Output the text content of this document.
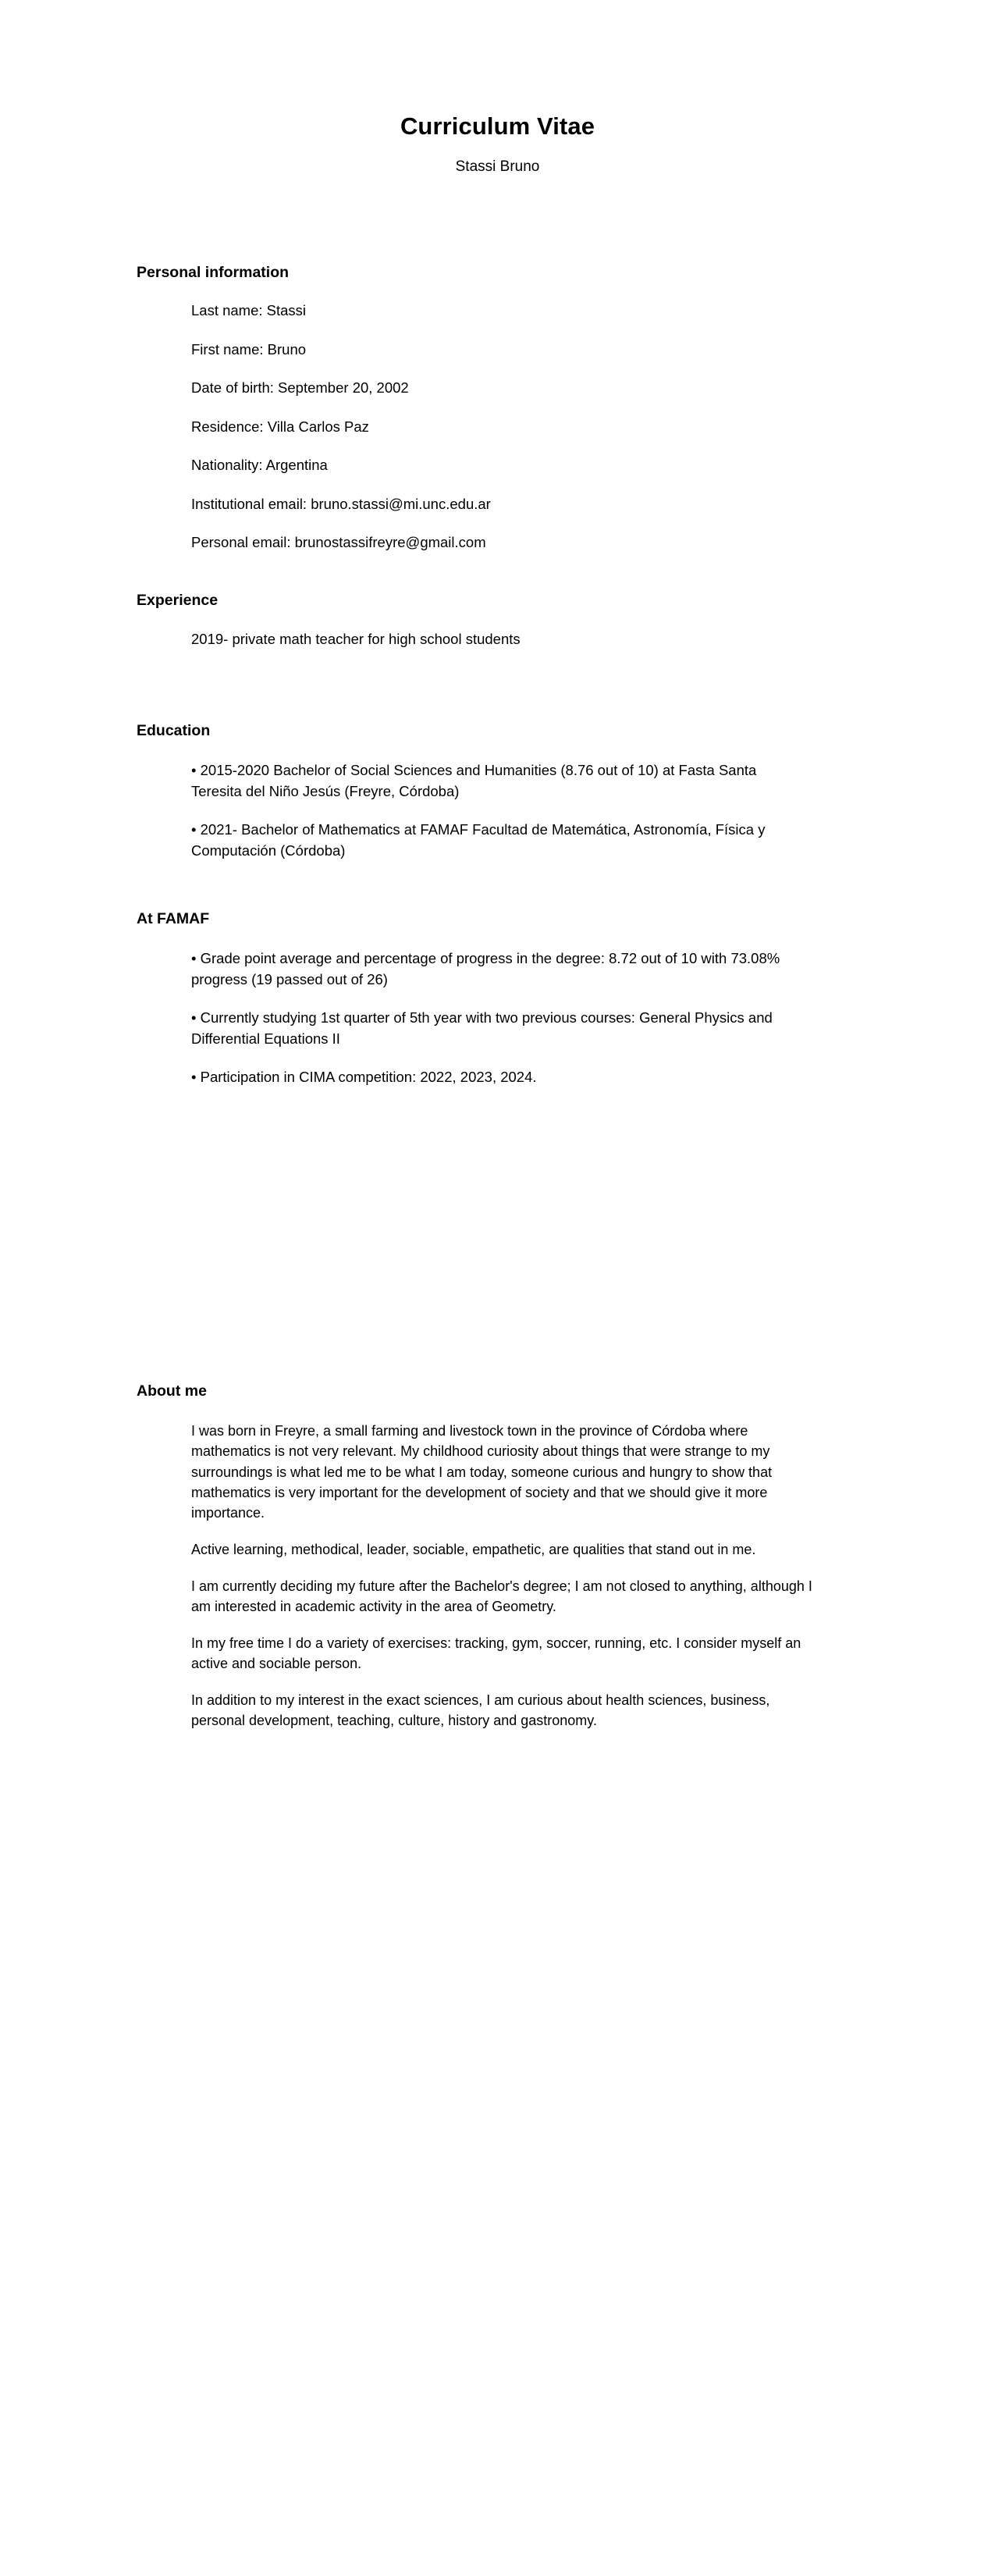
Curriculum Vitae
Stassi Bruno
Personal information

Last name: Stassi

First name: Bruno

Date of birth: September 20, 2002

Residence: Villa Carlos Paz

Nationality: Argentina

Institutional email: bruno.stassi@mi.unc.edu.ar

Personal email: brunostassifreyre@gmail.com

Experience

2019- private math teacher for high school students

Education

• 2015-2020 Bachelor of Social Sciences and Humanities (8.76 out of 10) at Fasta Santa Teresita del Niño Jesús (Freyre, Córdoba)

• 2021- Bachelor of Mathematics at FAMAF Facultad de Matemática, Astronomía, Física y Computación (Córdoba)

At FAMAF

• Grade point average and percentage of progress in the degree: 8.72 out of 10 with 73.08% progress (19 passed out of 26)

• Currently studying 1st quarter of 5th year with two previous courses: General Physics and Differential Equations II

• Participation in CIMA competition: 2022, 2023, 2024.

About me

I was born in Freyre, a small farming and livestock town in the province of Córdoba where mathematics is not very relevant. My childhood curiosity about things that were strange to my surroundings is what led me to be what I am today, someone curious and hungry to show that mathematics is very important for the development of society and that we should give it more importance.

Active learning, methodical, leader, sociable, empathetic, are qualities that stand out in me.

I am currently deciding my future after the Bachelor's degree; I am not closed to anything, although I am interested in academic activity in the area of Geometry.

In my free time I do a variety of exercises: tracking, gym, soccer, running, etc. I consider myself an active and sociable person.

In addition to my interest in the exact sciences, I am curious about health sciences, business, personal development, teaching, culture, history and gastronomy.
